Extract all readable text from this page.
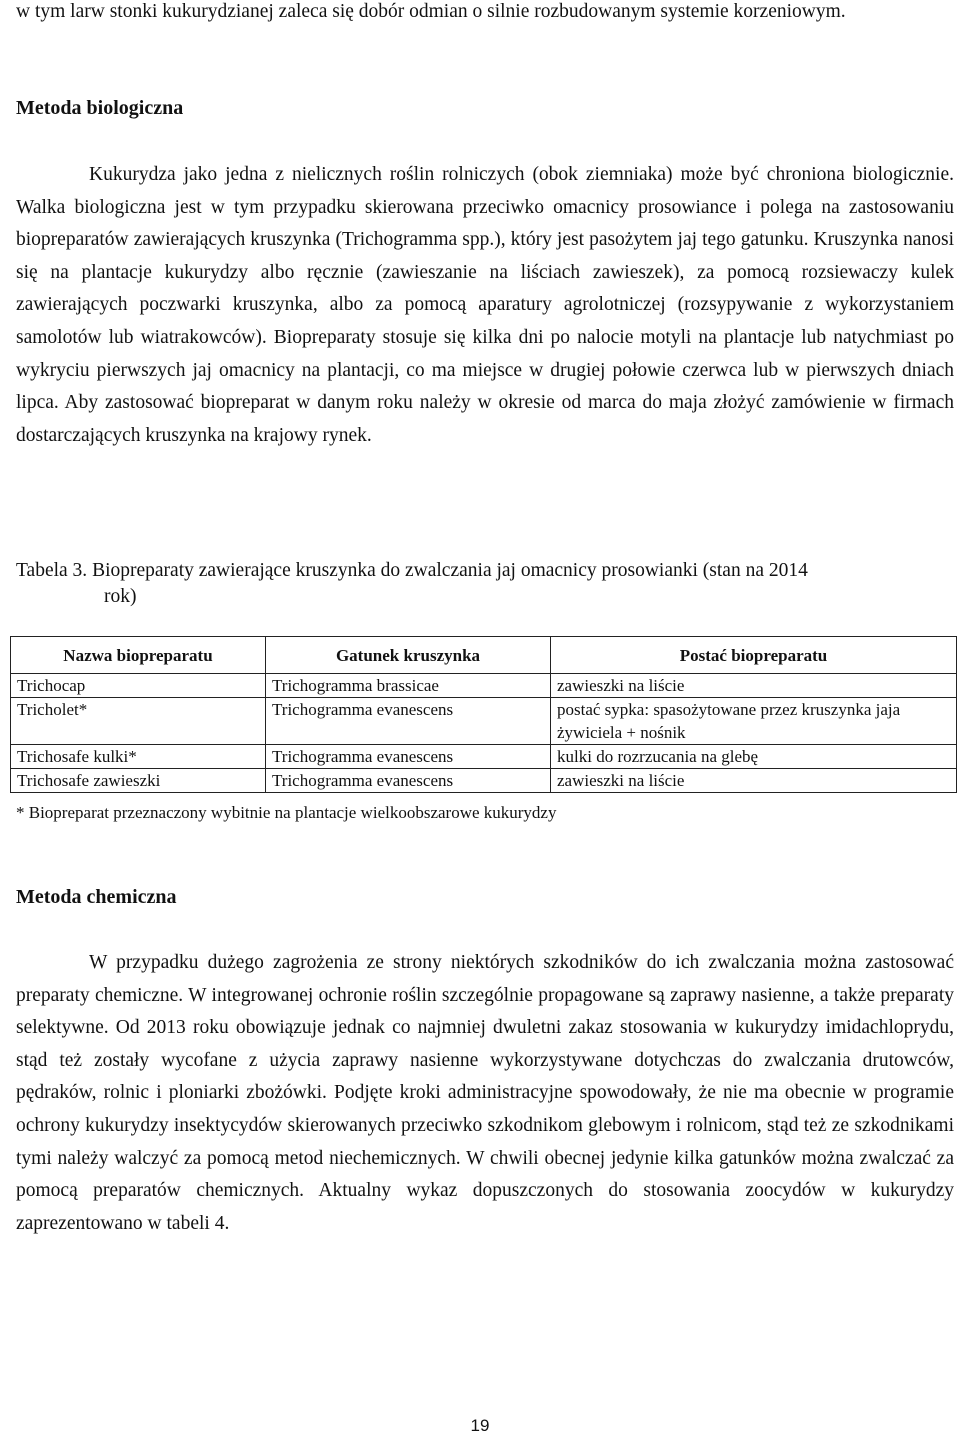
w tym larw stonki kukurydzianej zaleca się dobór odmian o silnie rozbudowanym systemie korzeniowym.

Metoda biologiczna

Kukurydza jako jedna z nielicznych roślin rolniczych (obok ziemniaka) może być chroniona biologicznie. Walka biologiczna jest w tym przypadku skierowana przeciwko omacnicy prosowiance i polega na zastosowaniu biopreparatów zawierających kruszynka (Trichogramma spp.), który jest pasożytem jaj tego gatunku. Kruszynka nanosi się na plantacje kukurydzy albo ręcznie (zawieszanie na liściach zawieszek), za pomocą rozsiewaczy kulek zawierających poczwarki kruszynka, albo za pomocą aparatury agrolotniczej (rozsypywanie z wykorzystaniem samolotów lub wiatrakowców). Biopreparaty stosuje się kilka dni po nalocie motyli na plantacje lub natychmiast po wykryciu pierwszych jaj omacnicy na plantacji, co ma miejsce w drugiej połowie czerwca lub w pierwszych dniach lipca. Aby zastosować biopreparat w danym roku należy w okresie od marca do maja złożyć zamówienie w firmach dostarczających kruszynka na krajowy rynek.

Tabela 3. Biopreparaty zawierające kruszynka do zwalczania jaj omacnicy prosowianki (stan na 2014
rok)
Nazwa biopreparatu	Gatunek kruszynka	Postać biopreparatu
Trichocap	Trichogramma brassicae	zawieszki na liście
Tricholet*	Trichogramma evanescens	postać sypka: spasożytowane przez kruszynka jaja żywiciela + nośnik
Trichosafe kulki*	Trichogramma evanescens	kulki do rozrzucania na glebę
Trichosafe zawieszki	Trichogramma evanescens	zawieszki na liście

* Biopreparat przeznaczony wybitnie na plantacje wielkoobszarowe kukurydzy

Metoda chemiczna

W przypadku dużego zagrożenia ze strony niektórych szkodników do ich zwalczania można zastosować preparaty chemiczne. W integrowanej ochronie roślin szczególnie propagowane są zaprawy nasienne, a także preparaty selektywne. Od 2013 roku obowiązuje jednak co najmniej dwuletni zakaz stosowania w kukurydzy imidachloprydu, stąd też zostały wycofane z użycia zaprawy nasienne wykorzystywane dotychczas do zwalczania drutowców, pędraków, rolnic i ploniarki zbożówki. Podjęte kroki administracyjne spowodowały, że nie ma obecnie w programie ochrony kukurydzy insektycydów skierowanych przeciwko szkodnikom glebowym i rolnicom, stąd też ze szkodnikami tymi należy walczyć za pomocą metod niechemicznych. W chwili obecnej jedynie kilka gatunków można zwalczać za pomocą preparatów chemicznych. Aktualny wykaz dopuszczonych do stosowania zoocydów w kukurydzy zaprezentowano w tabeli 4.

19
